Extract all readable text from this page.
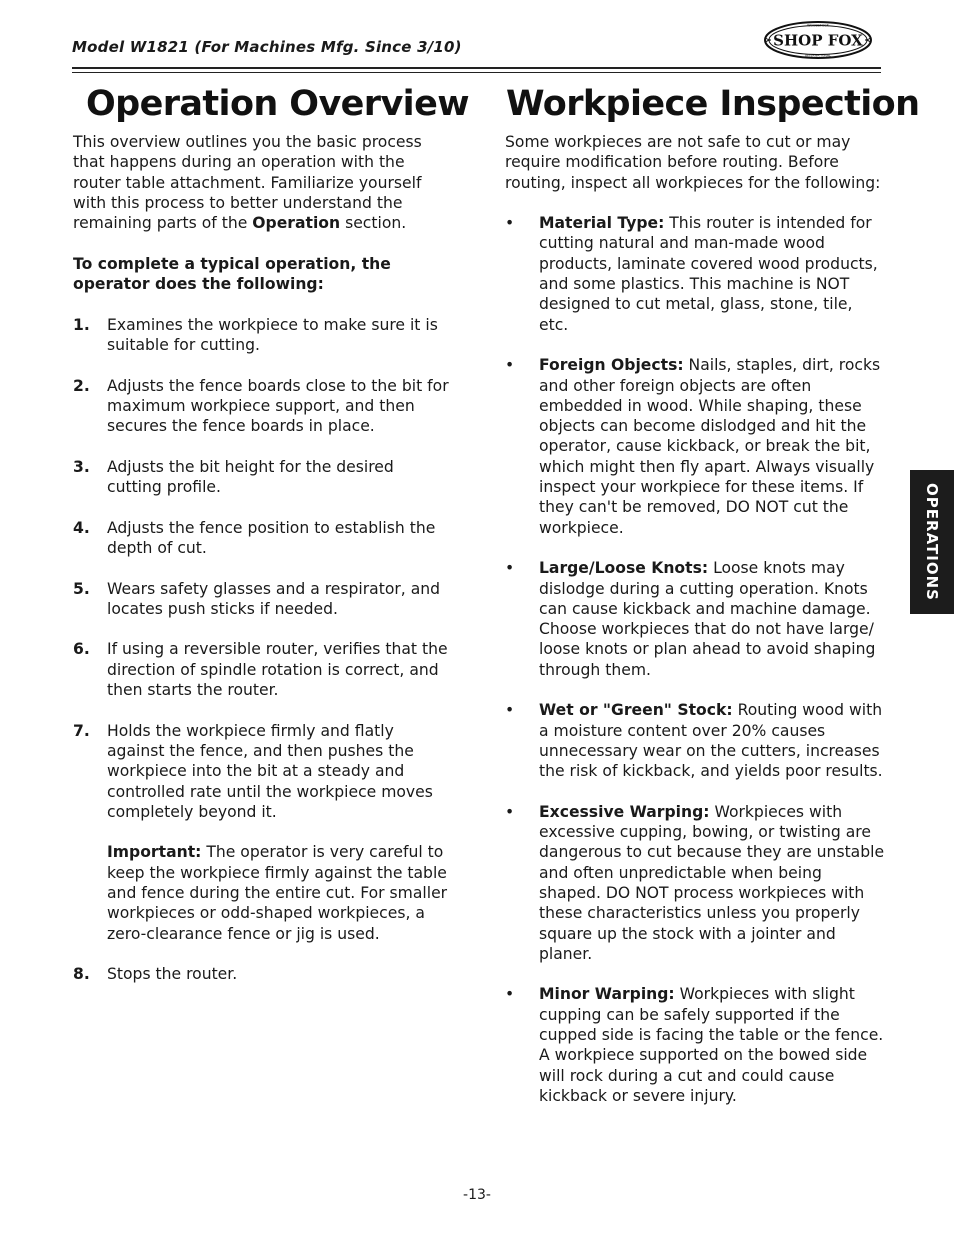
Model W1821 (For Machines Mfg. Since 3/10)	SHOP FOX
WOODSTOCK
INTERNATIONAL
Operation Overview Workpiece Inspection

This overview outlines you the basic process that happens during an operation with the router table attachment. Familiarize yourself with this process to better understand the remaining parts of the Operation section.

To complete a typical operation, the operator does the following:

1. Examines the workpiece to make sure it is suitable for cutting.
2. Adjusts the fence boards close to the bit for maximum workpiece support, and then secures the fence boards in place.
3. Adjusts the bit height for the desired cutting profile.
4. Adjusts the fence position to establish the depth of cut.
5. Wears safety glasses and a respirator, and locates push sticks if needed.
6. If using a reversible router, verifies that the direction of spindle rotation is correct, and then starts the router.
7. Holds the workpiece firmly and flatly against the fence, and then pushes the workpiece into the bit at a steady and controlled rate until the workpiece moves completely beyond it.
Important: The operator is very careful to keep the workpiece firmly against the table and fence during the entire cut. For smaller workpieces or odd-shaped workpieces, a zero-clearance fence or jig is used.
8. Stops the router.

Some workpieces are not safe to cut or may require modification before routing. Before routing, inspect all workpieces for the following:

• Material Type: This router is intended for cutting natural and man-made wood products, laminate covered wood products, and some plastics. This machine is NOT designed to cut metal, glass, stone, tile, etc.
• Foreign Objects: Nails, staples, dirt, rocks and other foreign objects are often embedded in wood. While shaping, these objects can become dislodged and hit the operator, cause kickback, or break the bit, which might then fly apart. Always visually inspect your workpiece for these items. If they can't be removed, DO NOT cut the workpiece.
• Large/Loose Knots: Loose knots may dislodge during a cutting operation. Knots can cause kickback and machine damage. Choose workpieces that do not have large/ loose knots or plan ahead to avoid shaping through them.
• Wet or "Green" Stock: Routing wood with a moisture content over 20% causes unnecessary wear on the cutters, increases the risk of kickback, and yields poor results.
• Excessive Warping: Workpieces with excessive cupping, bowing, or twisting are dangerous to cut because they are unstable and often unpredictable when being shaped. DO NOT process workpieces with these characteristics unless you properly square up the stock with a jointer and planer.
• Minor Warping: Workpieces with slight cupping can be safely supported if the cupped side is facing the table or the fence. A workpiece supported on the bowed side will rock during a cut and could cause kickback or severe injury.
OPERATIONS
-13-
